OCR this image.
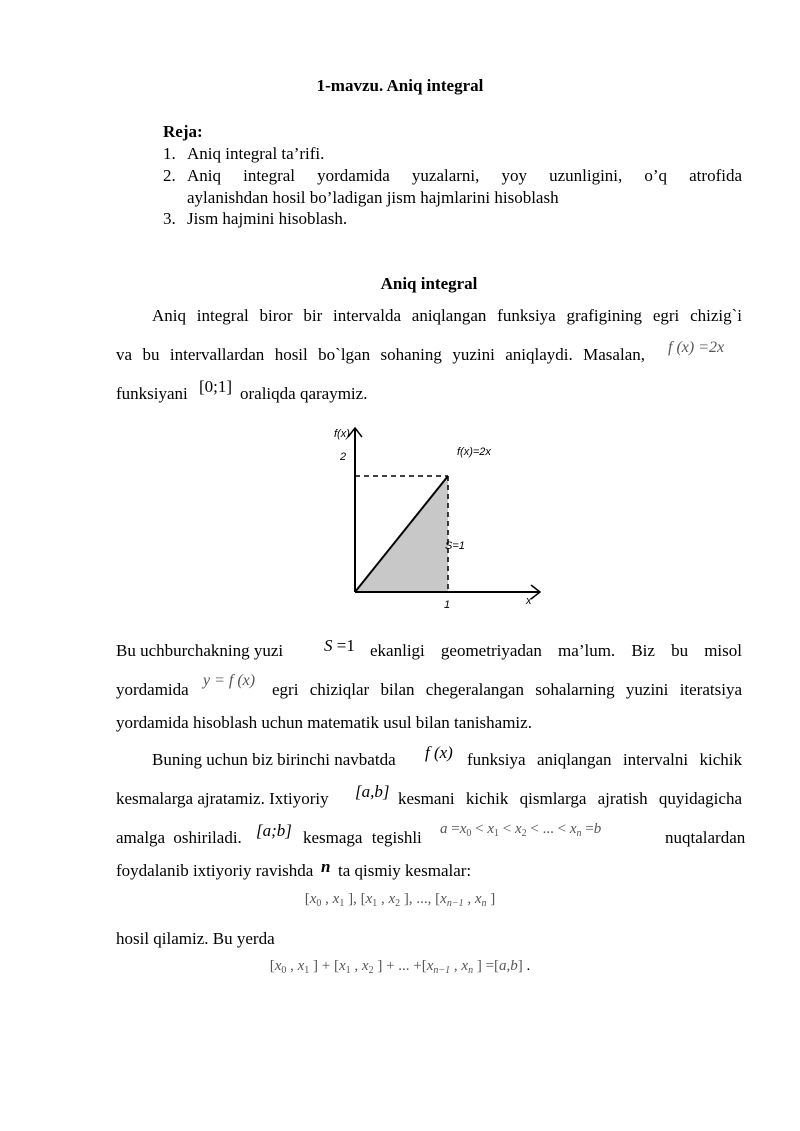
1-mavzu. Aniq integral
Reja:
1. Aniq integral ta’rifi.
2. Aniq integral yordamida yuzalarni, yoy uzunligini, o’q atrofida
aylanishdan hosil bo’ladigan jism hajmlarini hisoblash
3. Jism hajmini hisoblash.
Aniq integral
Aniq integral biror bir intervalda aniqlangan funksiya grafigining egri chizig`i
va bu intervallardan hosil bo`lgan sohaning yuzini aniqlaydi. Masalan, f (x) =2x
funksiyani [0;1] oraliqda qaraymiz.
f(x)
x
2
1
f(x)=2x
S=1
Bu uchburchakning yuzi S =1 ekanligi geometriyadan ma’lum. Biz bu misol
yordamida y = f (x) egri chiziqlar bilan chegeralangan sohalarning yuzini iteratsiya
yordamida hisoblash uchun matematik usul bilan tanishamiz.
Buning uchun biz birinchi navbatda f (x) funksiya aniqlangan intervalni kichik
kesmalarga ajratamiz. Ixtiyoriy [a,b] kesmani kichik qismlarga ajratish quyidagicha
amalga oshiriladi. [a;b] kesmaga tegishli $a =x_0 < x_1 < x_2$ < ... < $x_n =b$	nuqtalardan
foydalanib ixtiyoriy ravishda n ta qismiy kesmalar:
[$x_0$ , $x_1$ ], [$x_1$ , $x_2$ ], ..., [$x_{n-1}$ , $x_n$ ]
hosil qilamiz. Bu yerda
[$x_0$ , $x_1$ ] + [$x_1$ , $x_2$ ] + ... $+[x_{n-1}$ , $x_n$ ] =[a,b] .
